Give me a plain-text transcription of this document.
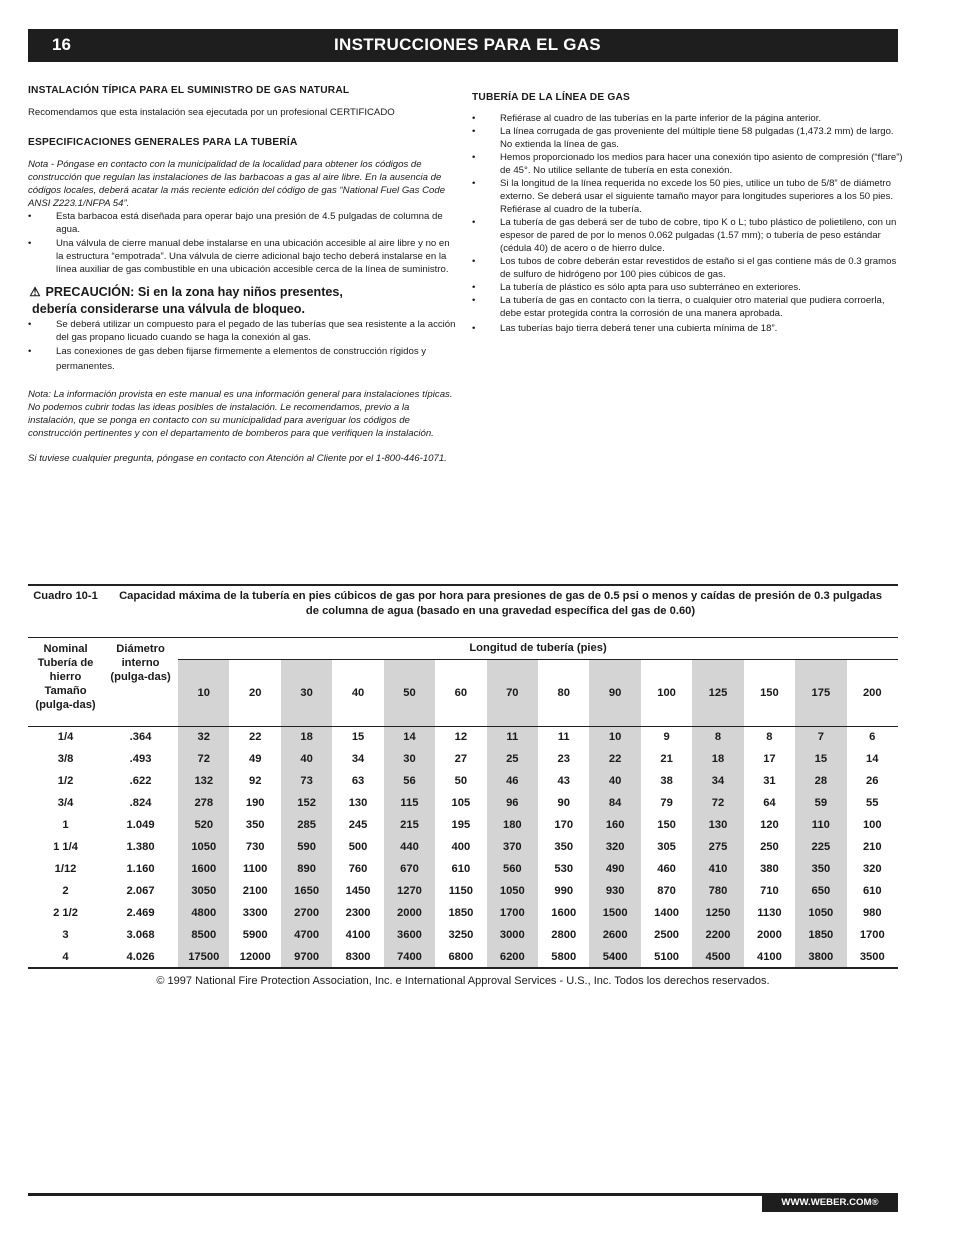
16	INSTRUCCIONES PARA EL GAS

INSTALACIÓN TÍPICA PARA EL SUMINISTRO DE GAS NATURAL

Recomendamos que esta instalación sea ejecutada por un profesional CERTIFICADO

ESPECIFICACIONES GENERALES PARA LA TUBERÍA

Nota - Póngase en contacto con la municipalidad de la localidad para obtener los códigos de construcción que regulan las instalaciones de las barbacoas a gas al aire libre. En la ausencia de códigos locales, deberá acatar la más reciente edición del código de gas “National Fuel Gas Code ANSI Z223.1/NFPA 54”.

• Esta barbacoa está diseñada para operar bajo una presión de 4.5 pulgadas de columna de agua.
• Una válvula de cierre manual debe instalarse en una ubicación accesible al aire libre y no en la estructura “empotrada”. Una válvula de cierre adicional bajo techo deberá instalarse en la línea auxiliar de gas combustible en una ubicación accesible cerca de la línea de suministro.

⚠ PRECAUCIÓN: Si en la zona hay niños presentes,

debería considerarse una válvula de bloqueo.

• Se deberá utilizar un compuesto para el pegado de las tuberías que sea resistente a la acción del gas propano licuado cuando se haga la conexión al gas.
• Las conexiones de gas deben fijarse firmemente a elementos de construcción rígidos y permanentes.

Nota: La información provista en este manual es una información general para instalaciones típicas. No podemos cubrir todas las ideas posibles de instalación. Le recomendamos, previo a la instalación, que se ponga en contacto con su municipalidad para averiguar los códigos de construcción pertinentes y con el departamento de bomberos para que verifiquen la instalación.

Si tuviese cualquier pregunta, póngase en contacto con Atención al Cliente por el 1-800-446-1071.

TUBERÍA DE LA LÍNEA DE GAS

• Refiérase al cuadro de las tuberías en la parte inferior de la página anterior.
• La línea corrugada de gas proveniente del múltiple tiene 58 pulgadas (1,473.2 mm) de largo. No extienda la línea de gas.
• Hemos proporcionado los medios para hacer una conexión tipo asiento de compresión (“flare”) de 45°. No utilice sellante de tubería en esta conexión.
• Si la longitud de la línea requerida no excede los 50 pies, utilice un tubo de 5/8” de diámetro externo. Se deberá usar el siguiente tamaño mayor para longitudes superiores a los 50 pies. Refiérase al cuadro de la tubería.
• La tubería de gas deberá ser de tubo de cobre, tipo K o L; tubo plástico de polietileno, con un espesor de pared de por lo menos 0.062 pulgadas (1.57 mm); o tubería de peso estándar (cédula 40) de acero o de hierro dulce.
• Los tubos de cobre deberán estar revestidos de estaño si el gas contiene más de 0.3 gramos de sulfuro de hidrógeno por 100 pies cúbicos de gas.
• La tubería de plástico es sólo apta para uso subterráneo en exteriores.
• La tubería de gas en contacto con la tierra, o cualquier otro material que pudiera corroerla, debe estar protegida contra la corrosión de una manera aprobada.
• Las tuberías bajo tierra deberá tener una cubierta mínima de 18”.
Cuadro 10-1	Capacidad máxima de la tubería en pies cúbicos de gas por hora para presiones de gas de 0.5 psi o menos y caídas de presión de 0.3 pulgadas
de columna de agua (basado en una gravedad específica del gas de 0.60)														

Nominal Tubería de hierro Tamaño (pulga-das)	Diámetro interno (pulga-das)	Longitud de tubería (pies)													
		10	20	30	40	50	60	70	80	90	100	125	150	175	200
1/4	.364	32	22	18	15	14	12	11	11	10	9	8	8	7	6
3/8	.493	72	49	40	34	30	27	25	23	22	21	18	17	15	14
1/2	.622	132	92	73	63	56	50	46	43	40	38	34	31	28	26
3/4	.824	278	190	152	130	115	105	96	90	84	79	72	64	59	55
1	1.049	520	350	285	245	215	195	180	170	160	150	130	120	110	100
1 1/4	1.380	1050	730	590	500	440	400	370	350	320	305	275	250	225	210
1/12	1.160	1600	1100	890	760	670	610	560	530	490	460	410	380	350	320
2	2.067	3050	2100	1650	1450	1270	1150	1050	990	930	870	780	710	650	610
2 1/2	2.469	4800	3300	2700	2300	2000	1850	1700	1600	1500	1400	1250	1130	1050	980
3	3.068	8500	5900	4700	4100	3600	3250	3000	2800	2600	2500	2200	2000	1850	1700
4	4.026	17500	12000	9700	8300	7400	6800	6200	5800	5400	5100	4500	4100	3800	3500
© 1997 National Fire Protection Association, Inc. e International Approval Services - U.S., Inc. Todos los derechos reservados.
WWW.WEBER.COM®
